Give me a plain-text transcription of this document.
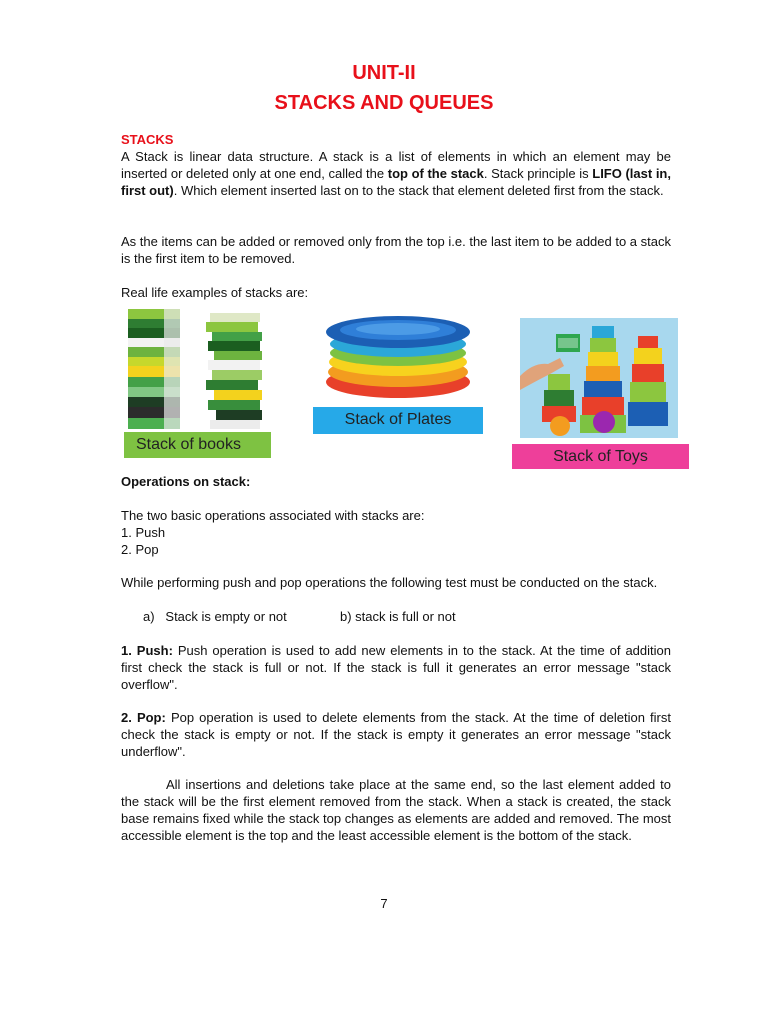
UNIT-II
STACKS AND QUEUES
STACKS
A Stack is linear data structure. A stack is a list of elements in which an element may be inserted or deleted only at one end, called the top of the stack. Stack principle is LIFO (last in, first out). Which element inserted last on to the stack that element deleted first from the stack.
As the items can be added or removed only from the top i.e. the last item to be added to a stack is the first item to be removed.
Real life examples of stacks are:
Stack of books
Stack of Plates
Stack of Toys
Operations on stack:
The two basic operations associated with stacks are:
1. Push
2. Pop
While performing push and pop operations the following test must be conducted on the stack.
a)   Stack is empty or not	b) stack is full or not
1. Push: Push operation is used to add new elements in to the stack. At the time of addition first check the stack is full or not. If the stack is full it generates an error message "stack overflow".
2. Pop: Pop operation is used to delete elements from the stack. At the time of deletion first check the stack is empty or not. If the stack is empty it generates an error message "stack underflow".
All insertions and deletions take place at the same end, so the last element added to the stack will be the first element removed from the stack. When a stack is created, the stack base remains fixed while the stack top changes as elements are added and removed. The most accessible element is the top and the least accessible element is the bottom of the stack.
7
